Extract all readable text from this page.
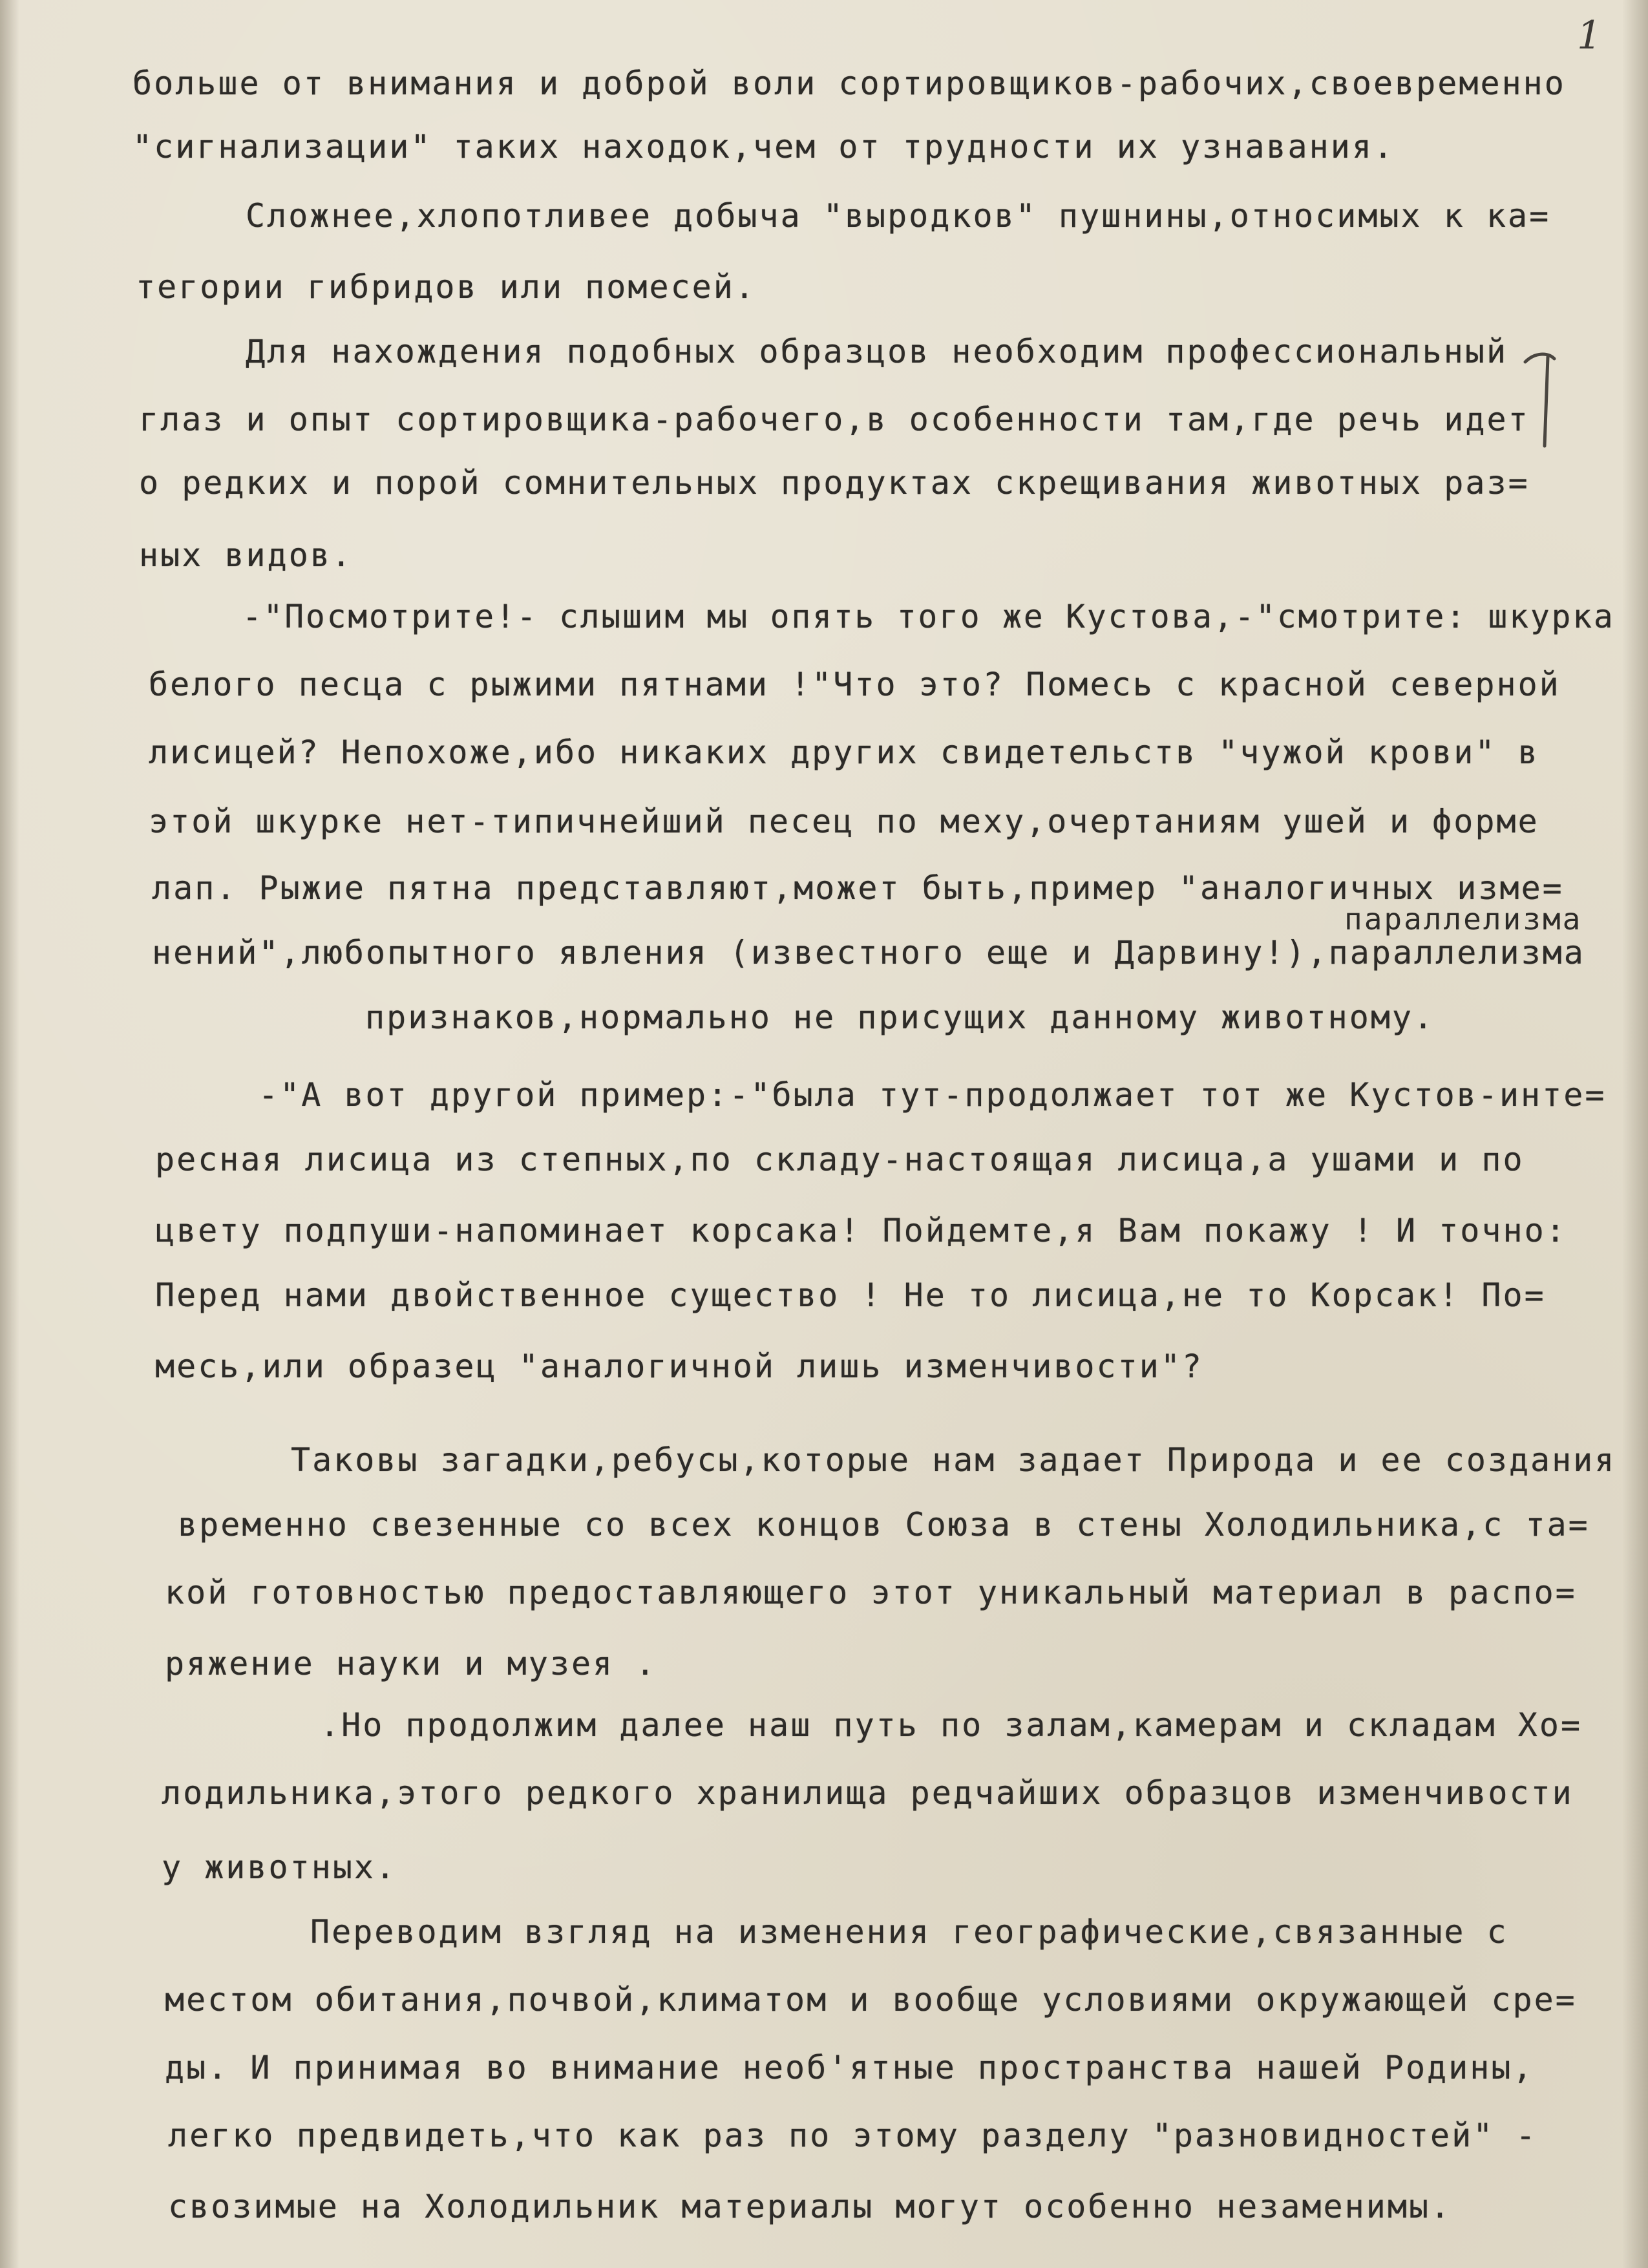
1
больше от внимания и доброй воли сортировщиков-рабочих,своевременно
"сигнализации" таких находок,чем от трудности их узнавания.
Сложнее,хлопотливее добыча "выродков" пушнины,относимых к ка=
тегории гибридов или помесей.
Для нахождения подобных образцов необходим профессиональный
глаз и опыт сортировщика-рабочего,в особенности там,где речь идет
о редких и порой сомнительных продуктах скрещивания животных раз=
ных видов.
-"Посмотрите!- слышим мы опять того же Кустова,-"смотрите: шкурка
белого песца с рыжими пятнами !"Что это? Помесь с красной северной
лисицей? Непохоже,ибо никаких других свидетельств "чужой крови" в
этой шкурке нет-типичнейший песец по меху,очертаниям ушей и форме
лап. Рыжие пятна представляют,может быть,пример "аналогичных изме=
параллелизма
нений",любопытного явления (известного еще и Дарвину!),параллелизма
признаков,нормально не присущих данному животному.
-"А вот другой пример:-"была тут-продолжает тот же Кустов-инте=
ресная лисица из степных,по складу-настоящая лисица,а ушами и по
цвету подпуши-напоминает корсака! Пойдемте,я Вам покажу ! И точно:
Перед нами двойственное существо ! Не то лисица,не то Корсак! По=
месь,или образец "аналогичной лишь изменчивости"?
Таковы загадки,ребусы,которые нам задает Природа и ее создания
временно свезенные со всех концов Союза в стены Холодильника,с та=
кой готовностью предоставляющего этот уникальный материал в распо=
ряжение науки и музея .
.Но продолжим далее наш путь по залам,камерам и складам Хо=
лодильника,этого редкого хранилища редчайших образцов изменчивости
у животных.
Переводим взгляд на изменения географические,связанные с
местом обитания,почвой,климатом и вообще условиями окружающей сре=
ды. И принимая во внимание необ'ятные пространства нашей Родины,
легко предвидеть,что как раз по этому разделу "разновидностей" -
свозимые на Холодильник материалы могут особенно незаменимы.
